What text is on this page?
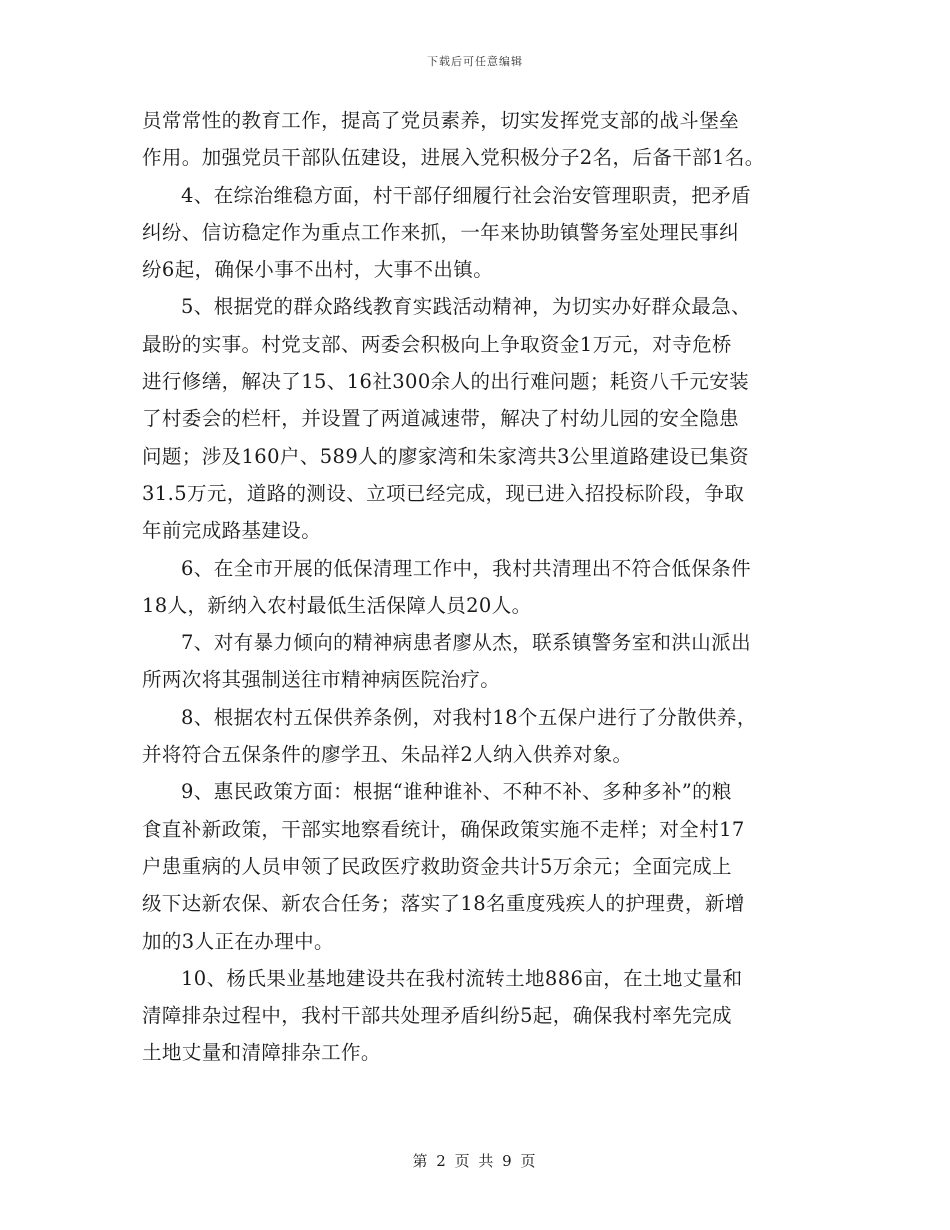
下载后可任意编辑
员常常性的教育工作，提高了党员素养，切实发挥党支部的战斗堡垒
作用。加强党员干部队伍建设，进展入党积极分子2名，后备干部1名。
4、在综治维稳方面，村干部仔细履行社会治安管理职责，把矛盾
纠纷、信访稳定作为重点工作来抓，一年来协助镇警务室处理民事纠
纷6起，确保小事不出村，大事不出镇。
5、根据党的群众路线教育实践活动精神，为切实办好群众最急、
最盼的实事。村党支部、两委会积极向上争取资金1万元，对寺危桥
进行修缮，解决了15、16社300余人的出行难问题；耗资八千元安装
了村委会的栏杆，并设置了两道减速带，解决了村幼儿园的安全隐患
问题；涉及160户、589人的廖家湾和朱家湾共3公里道路建设已集资
31.5万元，道路的测设、立项已经完成，现已进入招投标阶段，争取
年前完成路基建设。
6、在全市开展的低保清理工作中，我村共清理出不符合低保条件
18人，新纳入农村最低生活保障人员20人。
7、对有暴力倾向的精神病患者廖从杰，联系镇警务室和洪山派出
所两次将其强制送往市精神病医院治疗。
8、根据农村五保供养条例，对我村18个五保户进行了分散供养，
并将符合五保条件的廖学丑、朱品祥2人纳入供养对象。
9、惠民政策方面：根据“谁种谁补、不种不补、多种多补”的粮
食直补新政策，干部实地察看统计，确保政策实施不走样；对全村17
户患重病的人员申领了民政医疗救助资金共计5万余元；全面完成上
级下达新农保、新农合任务；落实了18名重度残疾人的护理费，新增
加的3人正在办理中。
10、杨氏果业基地建设共在我村流转土地886亩，在土地丈量和
清障排杂过程中，我村干部共处理矛盾纠纷5起，确保我村率先完成
土地丈量和清障排杂工作。
第 2 页 共 9 页
